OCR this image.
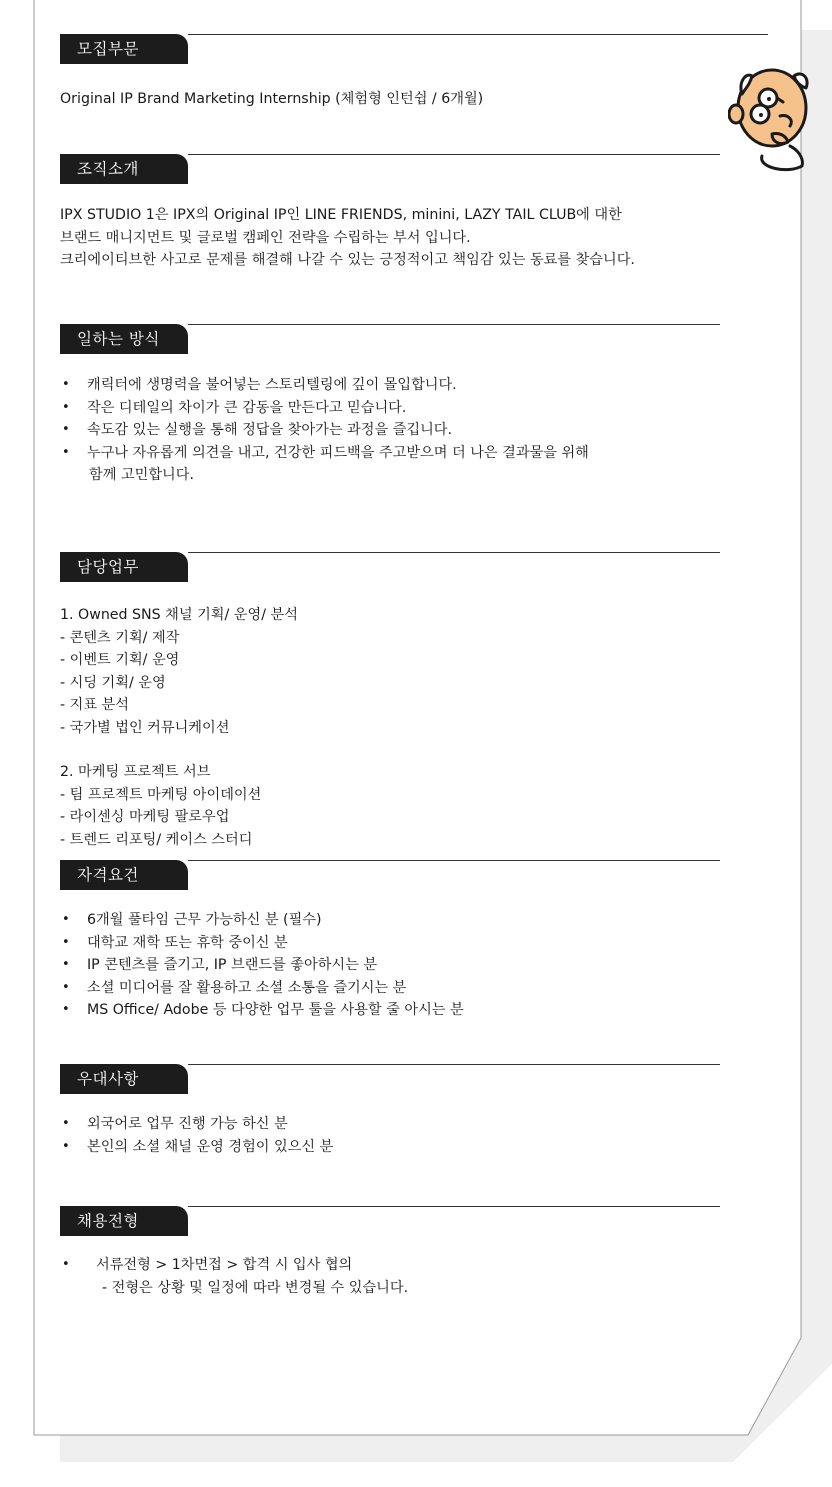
모집부문

Original IP Brand Marketing Internship (체험형 인턴쉽 / 6개월)

조직소개

IPX STUDIO 1은 IPX의 Original IP인 LINE FRIENDS, minini, LAZY TAIL CLUB에 대한
브랜드 매니지먼트 및 글로벌 캠페인 전략을 수립하는 부서 입니다.
크리에이티브한 사고로 문제를 해결해 나갈 수 있는 긍정적이고 책임감 있는 동료를 찾습니다.

일하는 방식
• 캐릭터에 생명력을 불어넣는 스토리텔링에 깊이 몰입합니다.
• 작은 디테일의 차이가 큰 감동을 만든다고 믿습니다.
• 속도감 있는 실행을 통해 정답을 찾아가는 과정을 즐깁니다.
• 누구나 자유롭게 의견을 내고, 건강한 피드백을 주고받으며 더 나은 결과물을 위해
함께 고민합니다.
담당업무
1. Owned SNS 채널 기획/ 운영/ 분석
- 콘텐츠 기획/ 제작
- 이벤트 기획/ 운영
- 시딩 기획/ 운영
- 지표 분석
- 국가별 법인 커뮤니케이션
2. 마케팅 프로젝트 서브
- 팀 프로젝트 마케팅 아이데이션
- 라이센싱 마케팅 팔로우업
- 트렌드 리포팅/ 케이스 스터디
자격요건
• 6개월 풀타임 근무 가능하신 분 (필수)
• 대학교 재학 또는 휴학 중이신 분
• IP 콘텐츠를 즐기고, IP 브랜드를 좋아하시는 분
• 소셜 미디어를 잘 활용하고 소셜 소통을 즐기시는 분
• MS Office/ Adobe 등 다양한 업무 툴을 사용할 줄 아시는 분
우대사항
• 외국어로 업무 진행 가능 하신 분
• 본인의 소셜 채널 운영 경험이 있으신 분
채용전형
• 서류전형 > 1차면접 > 합격 시 입사 협의
- 전형은 상황 및 일정에 따라 변경될 수 있습니다.
